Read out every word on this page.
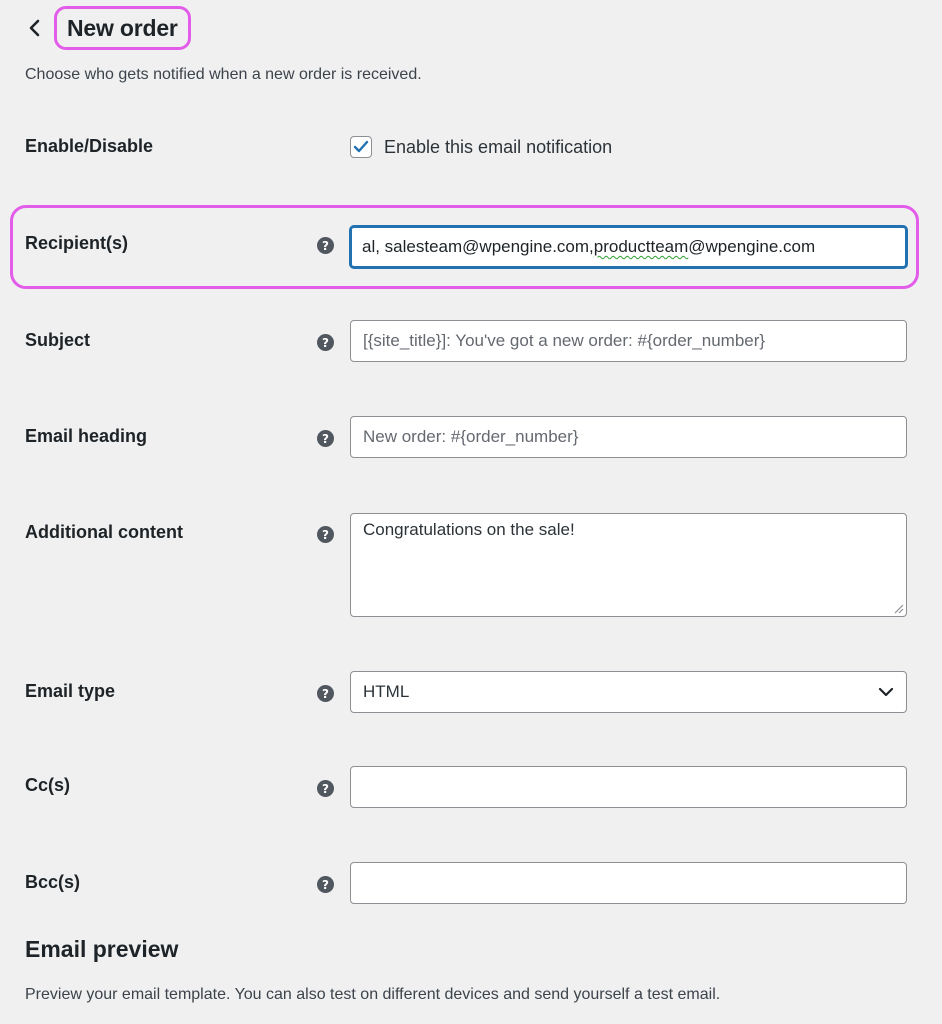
New order
Choose who gets notified when a new order is received.
Enable/Disable	Enable this email notification
Recipient(s)	? al, salesteam@wpengine.com, productteam @wpengine.com
Subject	?	[{site_title}]: You've got a new order: #{order_number}
Email heading	?	New order: #{order_number}
Additional content	?	Congratulations on the sale!
Email type	? HTML
Cc(s)	?
Bcc(s)	?
Email preview
Preview your email template. You can also test on different devices and send yourself a test email.
